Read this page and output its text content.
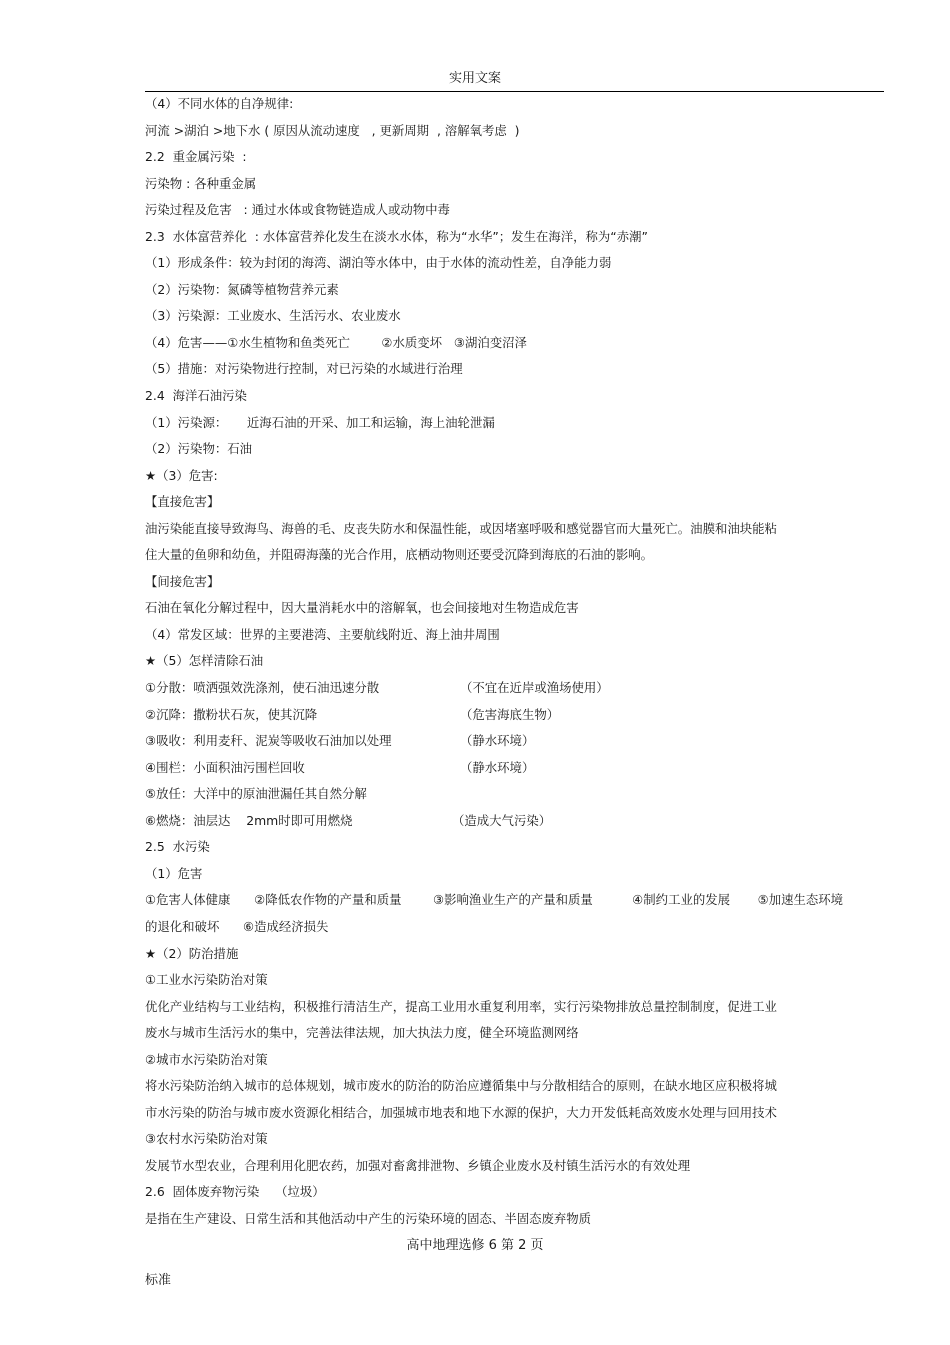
实用文案
（4）不同水体的自净规律:
河流 >湖泊 >地下水 ( 原因从流动速度   , 更新周期  , 溶解氧考虑  )
2.2  重金属污染  :
污染物 : 各种重金属
污染过程及危害   : 通过水体或食物链造成人或动物中毒
2.3  水体富营养化  : 水体富营养化发生在淡水水体，称为“水华”；发生在海洋，称为“赤潮”
（1）形成条件：较为封闭的海湾、湖泊等水体中，由于水体的流动性差，自净能力弱
（2）污染物：氮磷等植物营养元素
（3）污染源：工业废水、生活污水、农业废水
（4）危害——①水生植物和鱼类死亡        ②水质变坏   ③湖泊变沼泽
（5）措施：对污染物进行控制，对已污染的水域进行治理
2.4  海洋石油污染
（1）污染源：     近海石油的开采、加工和运输，海上油轮泄漏
（2）污染物：石油
★（3）危害:
【直接危害】
油污染能直接导致海鸟、海兽的毛、皮丧失防水和保温性能，或因堵塞呼吸和感觉器官而大量死亡。油膜和油块能粘
住大量的鱼卵和幼鱼，并阻碍海藻的光合作用，底栖动物则还要受沉降到海底的石油的影响。
【间接危害】
石油在氧化分解过程中，因大量消耗水中的溶解氧，也会间接地对生物造成危害
（4）常发区域：世界的主要港湾、主要航线附近、海上油井周围
★（5）怎样清除石油
①分散：喷洒强效洗涤剂，使石油迅速分散	（不宜在近岸或渔场使用）
②沉降：撒粉状石灰，使其沉降	（危害海底生物）
③吸收：利用麦秆、泥炭等吸收石油加以处理	（静水环境）
④围栏：小面积油污围栏回收	（静水环境）
⑤放任：大洋中的原油泄漏任其自然分解
⑥燃烧：油层达    2mm时即可用燃烧	（造成大气污染）
2.5  水污染
（1）危害
①危害人体健康      ②降低农作物的产量和质量        ③影响渔业生产的产量和质量          ④制约工业的发展       ⑤加速生态环境
的退化和破坏      ⑥造成经济损失
★（2）防治措施
①工业水污染防治对策
优化产业结构与工业结构，积极推行清洁生产，提高工业用水重复利用率，实行污染物排放总量控制制度，促进工业
废水与城市生活污水的集中，完善法律法规，加大执法力度，健全环境监测网络
②城市水污染防治对策
将水污染防治纳入城市的总体规划，城市废水的防治的防治应遵循集中与分散相结合的原则，在缺水地区应积极将城
市水污染的防治与城市废水资源化相结合，加强城市地表和地下水源的保护，大力开发低耗高效废水处理与回用技术
③农村水污染防治对策
发展节水型农业，合理利用化肥农药，加强对畜禽排泄物、乡镇企业废水及村镇生活污水的有效处理
2.6  固体废弃物污染    （垃圾）
是指在生产建设、日常生活和其他活动中产生的污染环境的固态、半固态废弃物质
高中地理选修 6 第 2 页
标准
